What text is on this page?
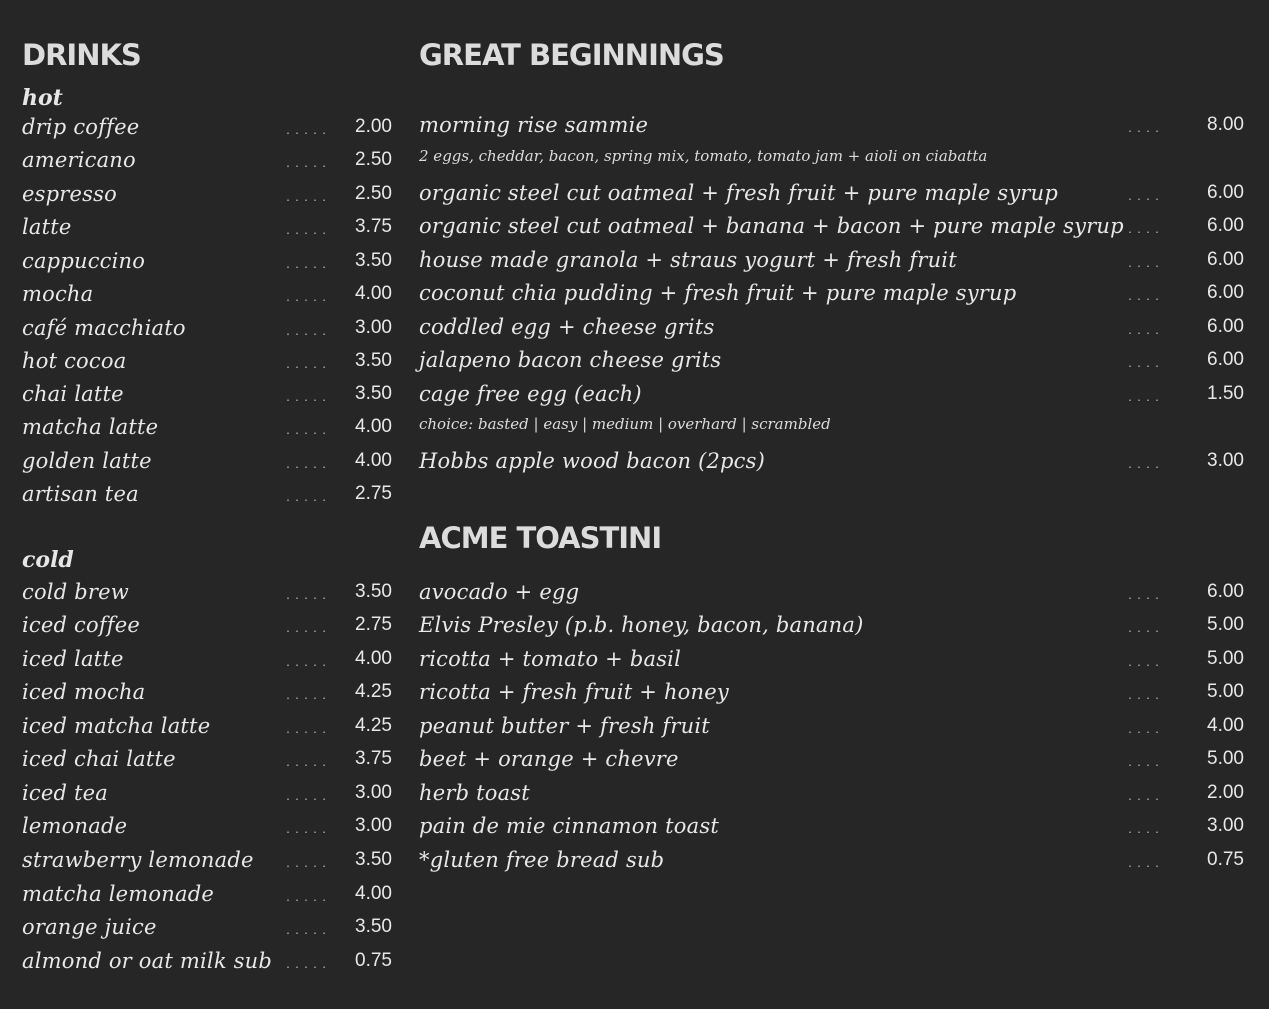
DRINKS
hot
drip coffee	..... 2.00
americano	..... 2.50
espresso	..... 2.50
latte	..... 3.75
cappuccino	..... 3.50
mocha	..... 4.00
café macchiato	..... 3.00
hot cocoa	..... 3.50
chai latte	..... 3.50
matcha latte	..... 4.00
golden latte	..... 4.00
artisan tea	..... 2.75
cold
cold brew	..... 3.50
iced coffee	..... 2.75
iced latte	..... 4.00
iced mocha	..... 4.25
iced matcha latte	..... 4.25
iced chai latte	..... 3.75
iced tea	..... 3.00
lemonade	..... 3.00
strawberry lemonade	..... 3.50
matcha lemonade	..... 4.00
orange juice	..... 3.50
almond or oat milk sub ..... 0.75
GREAT BEGINNINGS
morning rise sammie	.... 8.00
2 eggs, cheddar, bacon, spring mix, tomato, tomato jam + aioli on ciabatta
organic steel cut oatmeal + fresh fruit + pure maple syrup	.... 6.00
organic steel cut oatmeal + banana + bacon + pure maple syrup .... 6.00
house made granola + straus yogurt + fresh fruit	.... 6.00
coconut chia pudding + fresh fruit + pure maple syrup	.... 6.00
coddled egg + cheese grits	.... 6.00
jalapeno bacon cheese grits	.... 6.00
cage free egg (each)	.... 1.50
choice: basted | easy | medium | overhard | scrambled
Hobbs apple wood bacon (2pcs)	.... 3.00
ACME TOASTINI
avocado + egg	.... 6.00
Elvis Presley (p.b. honey, bacon, banana)	.... 5.00
ricotta + tomato + basil	.... 5.00
ricotta + fresh fruit + honey	.... 5.00
peanut butter + fresh fruit	.... 4.00
beet + orange + chevre	.... 5.00
herb toast	.... 2.00
pain de mie cinnamon toast	.... 3.00
*gluten free bread sub	.... 0.75
